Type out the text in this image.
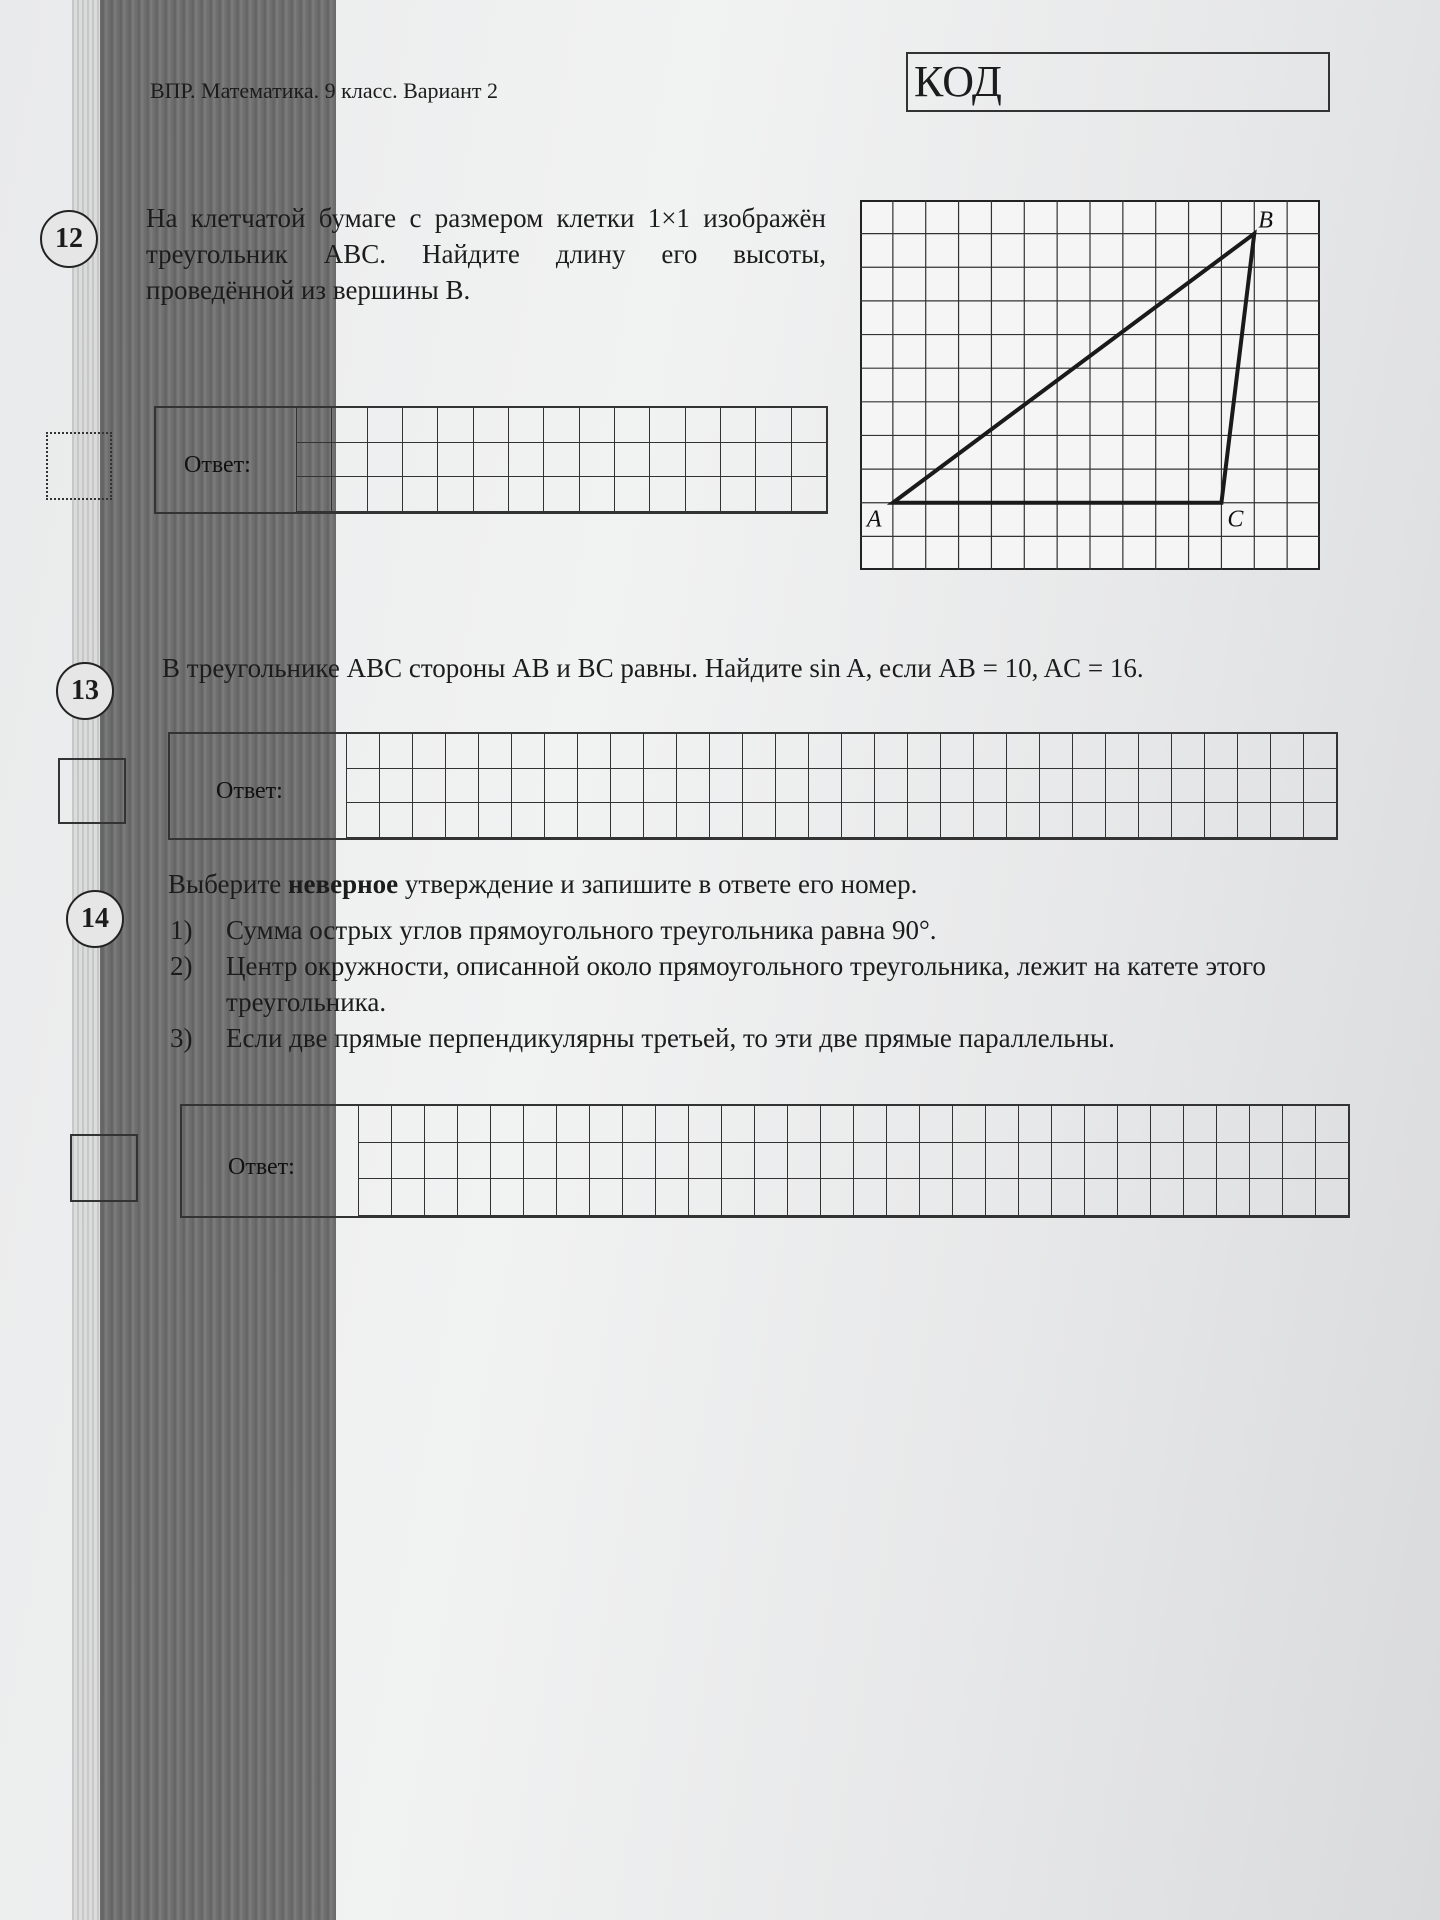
ВПР. Математика. 9 класс. Вариант 2	КОД
12
На клетчатой бумаге с размером клетки 1×1 изображён треугольник ABC. Найдите длину его высоты, проведённой из вершины B.
Ответ:
A
B
C
13
В треугольнике ABC стороны AB и BC равны. Найдите sin A, если AB = 10, AC = 16.
Ответ:
14
Выберите неверное утверждение и запишите в ответе его номер.
1)	Сумма острых углов прямоугольного треугольника равна 90°.
2)	Центр окружности, описанной около прямоугольного треугольника, лежит на катете этого треугольника.
3)	Если две прямые перпендикулярны третьей, то эти две прямые параллельны.
Ответ:
